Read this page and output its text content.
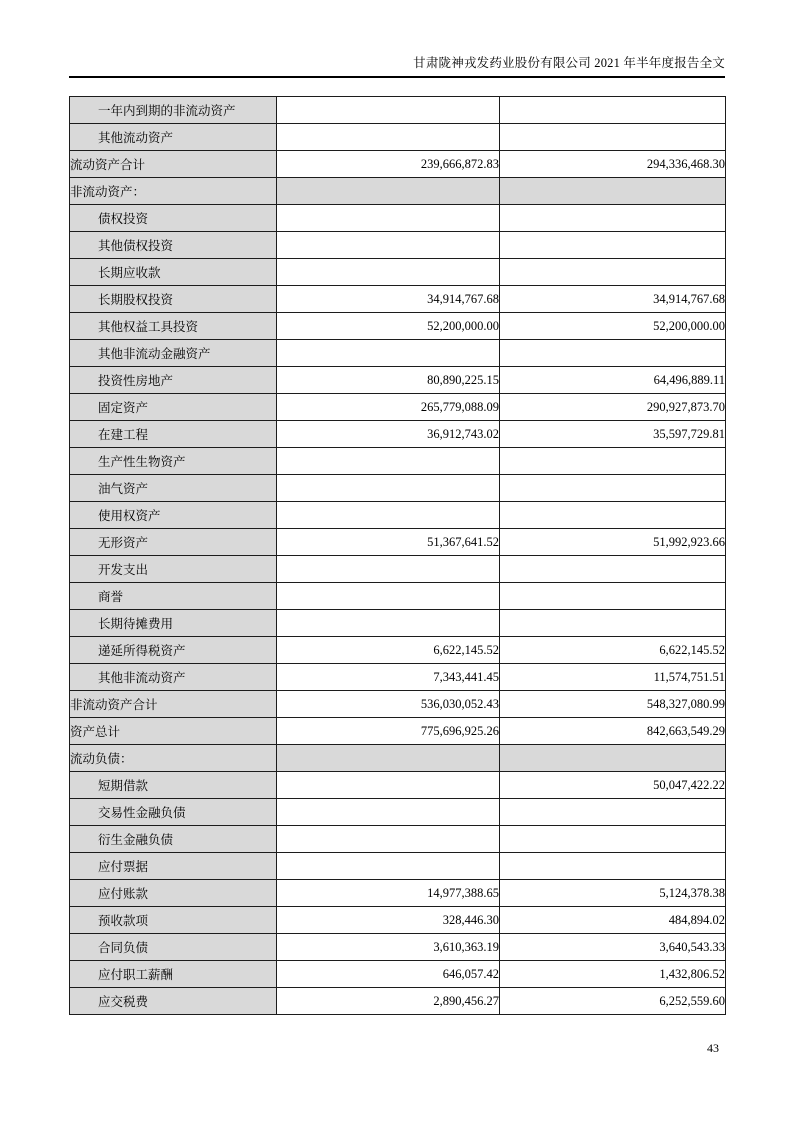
甘肃陇神戎发药业股份有限公司 2021 年半年度报告全文
一年内到期的非流动资产		
其他流动资产		
流动资产合计	239,666,872.83	294,336,468.30
非流动资产：		
债权投资		
其他债权投资		
长期应收款		
长期股权投资	34,914,767.68	34,914,767.68
其他权益工具投资	52,200,000.00	52,200,000.00
其他非流动金融资产		
投资性房地产	80,890,225.15	64,496,889.11
固定资产	265,779,088.09	290,927,873.70
在建工程	36,912,743.02	35,597,729.81
生产性生物资产		
油气资产		
使用权资产		
无形资产	51,367,641.52	51,992,923.66
开发支出		
商誉		
长期待摊费用		
递延所得税资产	6,622,145.52	6,622,145.52
其他非流动资产	7,343,441.45	11,574,751.51
非流动资产合计	536,030,052.43	548,327,080.99
资产总计	775,696,925.26	842,663,549.29
流动负债：		
短期借款		50,047,422.22
交易性金融负债		
衍生金融负债		
应付票据		
应付账款	14,977,388.65	5,124,378.38
预收款项	328,446.30	484,894.02
合同负债	3,610,363.19	3,640,543.33
应付职工薪酬	646,057.42	1,432,806.52
应交税费	2,890,456.27	6,252,559.60
43
